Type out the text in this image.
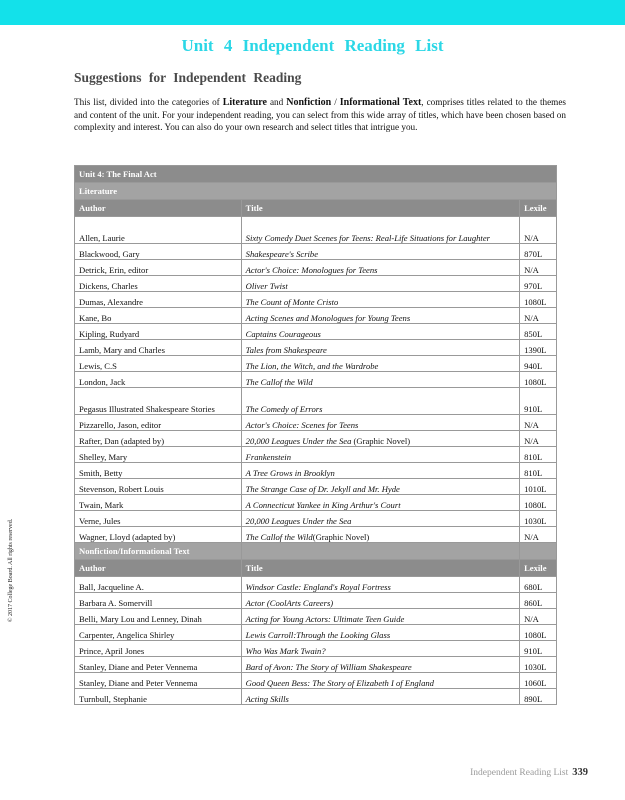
Unit 4 Independent Reading List
Suggestions for Independent Reading
This list, divided into the categories of Literature and Nonfiction / Informational Text, comprises titles related to the themes and content of the unit. For your independent reading, you can select from this wide array of titles, which have been chosen based on complexity and interest. You can also do your own research and select titles that intrigue you.
© 2017 College Board. All rights reserved.
Unit 4: The Final Act		
Literature		
Author	Title	Lexile
Allen, Laurie	Sixty Comedy Duet Scenes for Teens: Real-Life Situations for Laughter	N/A
Blackwood, Gary	Shakespeare's Scribe	870L
Detrick, Erin, editor	Actor's Choice: Monologues for Teens	N/A
Dickens, Charles	Oliver Twist	970L
Dumas, Alexandre	The Count of Monte Cristo	1080L
Kane, Bo	Acting Scenes and Monologues for Young Teens	N/A
Kipling, Rudyard	Captains Courageous	850L
Lamb, Mary and Charles	Tales from Shakespeare	1390L
Lewis, C.S	The Lion, the Witch, and the Wardrobe	940L
London, Jack	The Callof the Wild	1080L
Pegasus Illustrated Shakespeare Stories	The Comedy of Errors	910L
Pizzarello, Jason, editor	Actor's Choice: Scenes for Teens	N/A
Rafter, Dan (adapted by)	20,000 Leagues Under the Sea (Graphic Novel)	N/A
Shelley, Mary	Frankenstein	810L
Smith, Betty	A Tree Grows in Brooklyn	810L
Stevenson, Robert Louis	The Strange Case of Dr. Jekyll and Mr. Hyde	1010L
Twain, Mark	A Connecticut Yankee in King Arthur's Court	1080L
Verne, Jules	20,000 Leagues Under the Sea	1030L
Wagner, Lloyd (adapted by)	The Callof the Wild(Graphic Novel)	N/A
Nonfiction/Informational Text		
Author	Title	Lexile
Ball, Jacqueline A.	Windsor Castle: England's Royal Fortress	680L
Barbara A. Somervill	Actor (CoolArts Careers)	860L
Belli, Mary Lou and Lenney, Dinah	Acting for Young Actors: Ultimate Teen Guide	N/A
Carpenter, Angelica Shirley	Lewis Carroll:Through the Looking Glass	1080L
Prince, April Jones	Who Was Mark Twain?	910L
Stanley, Diane and Peter Vennema	Bard of Avon: The Story of William Shakespeare	1030L
Stanley, Diane and Peter Vennema	Good Queen Bess: The Story of Elizabeth I of England	1060L
Turnbull, Stephanie	Acting Skills	890L
Independent Reading List 339
